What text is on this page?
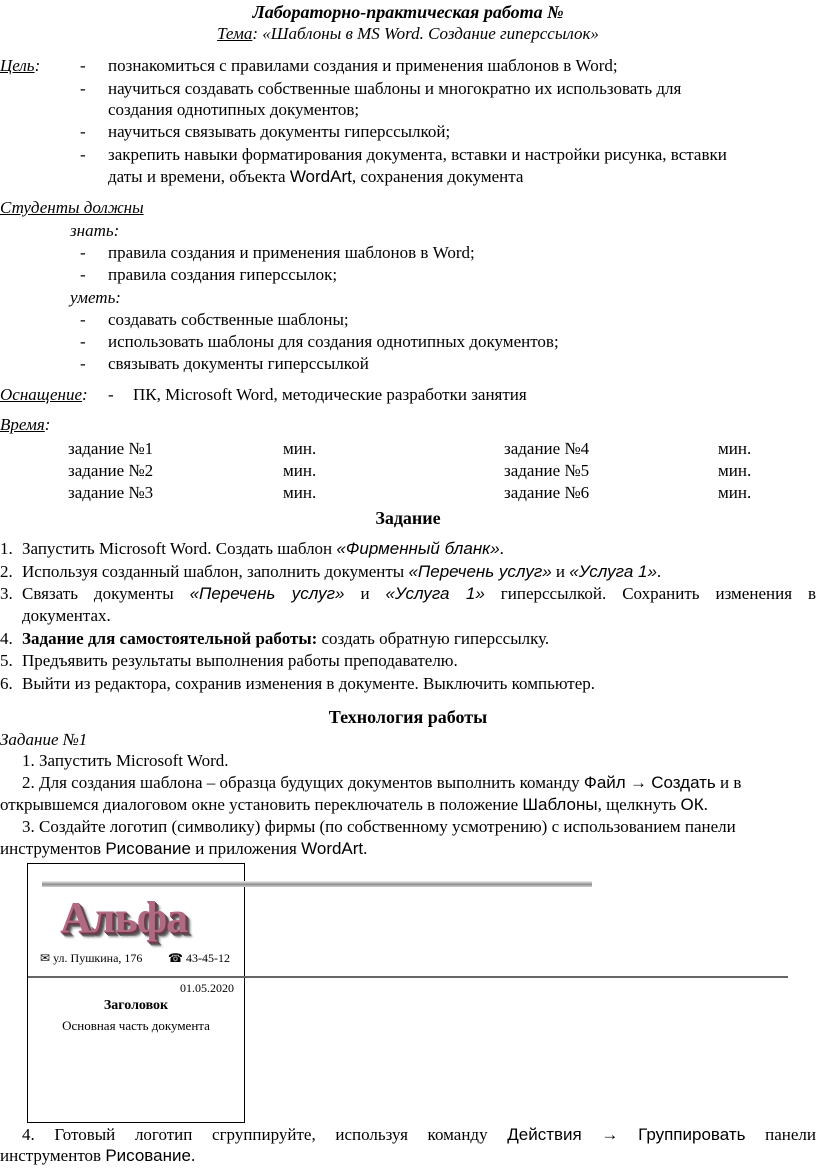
Лабораторно-практическая работа №
Тема: «Шаблоны в MS Word. Создание гиперссылок»
Цель: - познакомиться с правилами создания и применения шаблонов в Word;
- научиться создавать собственные шаблоны и многократно их использовать для
создания однотипных документов;
- научиться связывать документы гиперссылкой;
- закрепить навыки форматирования документа, вставки и настройки рисунка, вставки
даты и времени, объекта WordArt, сохранения документа
Студенты должны
знать:
- правила создания и применения шаблонов в Word;
- правила создания гиперссылок;
уметь:
- создавать собственные шаблоны;
- использовать шаблоны для создания однотипных документов;
- связывать документы гиперссылкой
Оснащение: - ПК, Microsoft Word, методические разработки занятия
Время:
задание №1	мин.	задание №4	мин.
задание №2	мин.	задание №5	мин.
задание №3	мин.	задание №6	мин.
Задание
1. Запустить Microsoft Word. Создать шаблон «Фирменный бланк».
2. Используя созданный шаблон, заполнить документы «Перечень услуг» и «Услуга 1».
3. Связать документы «Перечень услуг» и «Услуга 1» гиперссылкой. Сохранить изменения в
документах.
4. Задание для самостоятельной работы: создать обратную гиперссылку.
5. Предъявить результаты выполнения работы преподавателю.
6. Выйти из редактора, сохранив изменения в документе. Выключить компьютер.
Технология работы
Задание №1
1. Запустить Microsoft Word.
2. Для создания шаблона – образца будущих документов выполнить команду Файл → Создать и в
открывшемся диалоговом окне установить переключатель в положение Шаблоны, щелкнуть ОК.
3. Создайте логотип (символику) фирмы (по собственному усмотрению) с использованием панели
инструментов Рисование и приложения WordArt.
Альфа
✉ ул. Пушкина, 176 ☎ 43-45-12
01.05.2020
Заголовок
Основная часть документа
4. Готовый логотип сгруппируйте, используя команду Действия → Группировать панели
инструментов Рисование.
